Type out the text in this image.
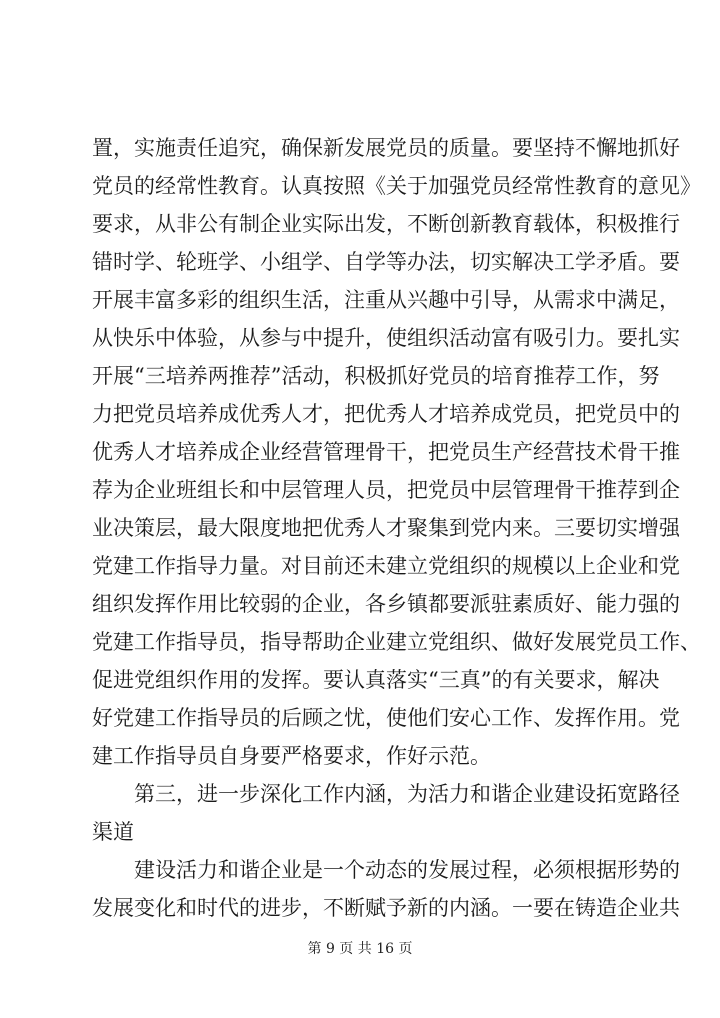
置，实施责任追究，确保新发展党员的质量。要坚持不懈地抓好
党员的经常性教育。认真按照《关于加强党员经常性教育的意见》
要求，从非公有制企业实际出发，不断创新教育载体，积极推行
错时学、轮班学、小组学、自学等办法，切实解决工学矛盾。要
开展丰富多彩的组织生活，注重从兴趣中引导，从需求中满足，
从快乐中体验，从参与中提升，使组织活动富有吸引力。要扎实
开展“三培养两推荐”活动，积极抓好党员的培育推荐工作，努
力把党员培养成优秀人才，把优秀人才培养成党员，把党员中的
优秀人才培养成企业经营管理骨干，把党员生产经营技术骨干推
荐为企业班组长和中层管理人员，把党员中层管理骨干推荐到企
业决策层，最大限度地把优秀人才聚集到党内来。三要切实增强
党建工作指导力量。对目前还未建立党组织的规模以上企业和党
组织发挥作用比较弱的企业，各乡镇都要派驻素质好、能力强的
党建工作指导员，指导帮助企业建立党组织、做好发展党员工作、
促进党组织作用的发挥。要认真落实“三真”的有关要求，解决
好党建工作指导员的后顾之忧，使他们安心工作、发挥作用。党
建工作指导员自身要严格要求，作好示范。
　　第三，进一步深化工作内涵，为活力和谐企业建设拓宽路径
渠道
　　建设活力和谐企业是一个动态的发展过程，必须根据形势的
发展变化和时代的进步，不断赋予新的内涵。一要在铸造企业共
第 9 页 共 16 页
